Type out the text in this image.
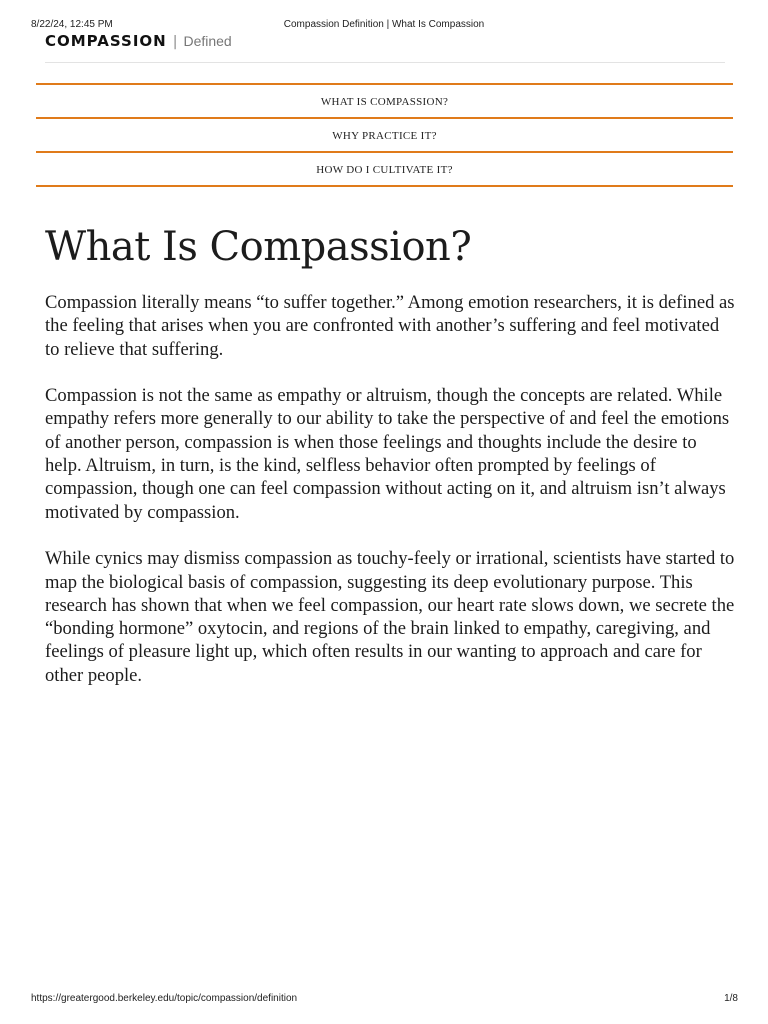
8/22/24, 12:45 PM	Compassion Definition | What Is Compassion
COMPASSION | Defined
WHAT IS COMPASSION?
WHY PRACTICE IT?
HOW DO I CULTIVATE IT?
What Is Compassion?

Compassion literally means “to suffer together.” Among emotion researchers, it is defined as the feeling that arises when you are confronted with another’s suffering and feel motivated to relieve that suffering.

Compassion is not the same as empathy or altruism, though the concepts are related. While empathy refers more generally to our ability to take the perspective of and feel the emotions of another person, compassion is when those feelings and thoughts include the desire to help. Altruism, in turn, is the kind, selfless behavior often prompted by feelings of compassion, though one can feel compassion without acting on it, and altruism isn’t always motivated by compassion.

While cynics may dismiss compassion as touchy-feely or irrational, scientists have started to map the biological basis of compassion, suggesting its deep evolutionary purpose. This research has shown that when we feel compassion, our heart rate slows down, we secrete the “bonding hormone” oxytocin, and regions of the brain linked to empathy, caregiving, and feelings of pleasure light up, which often results in our wanting to approach and care for other people.

https://greatergood.berkeley.edu/topic/compassion/definition	1/8
